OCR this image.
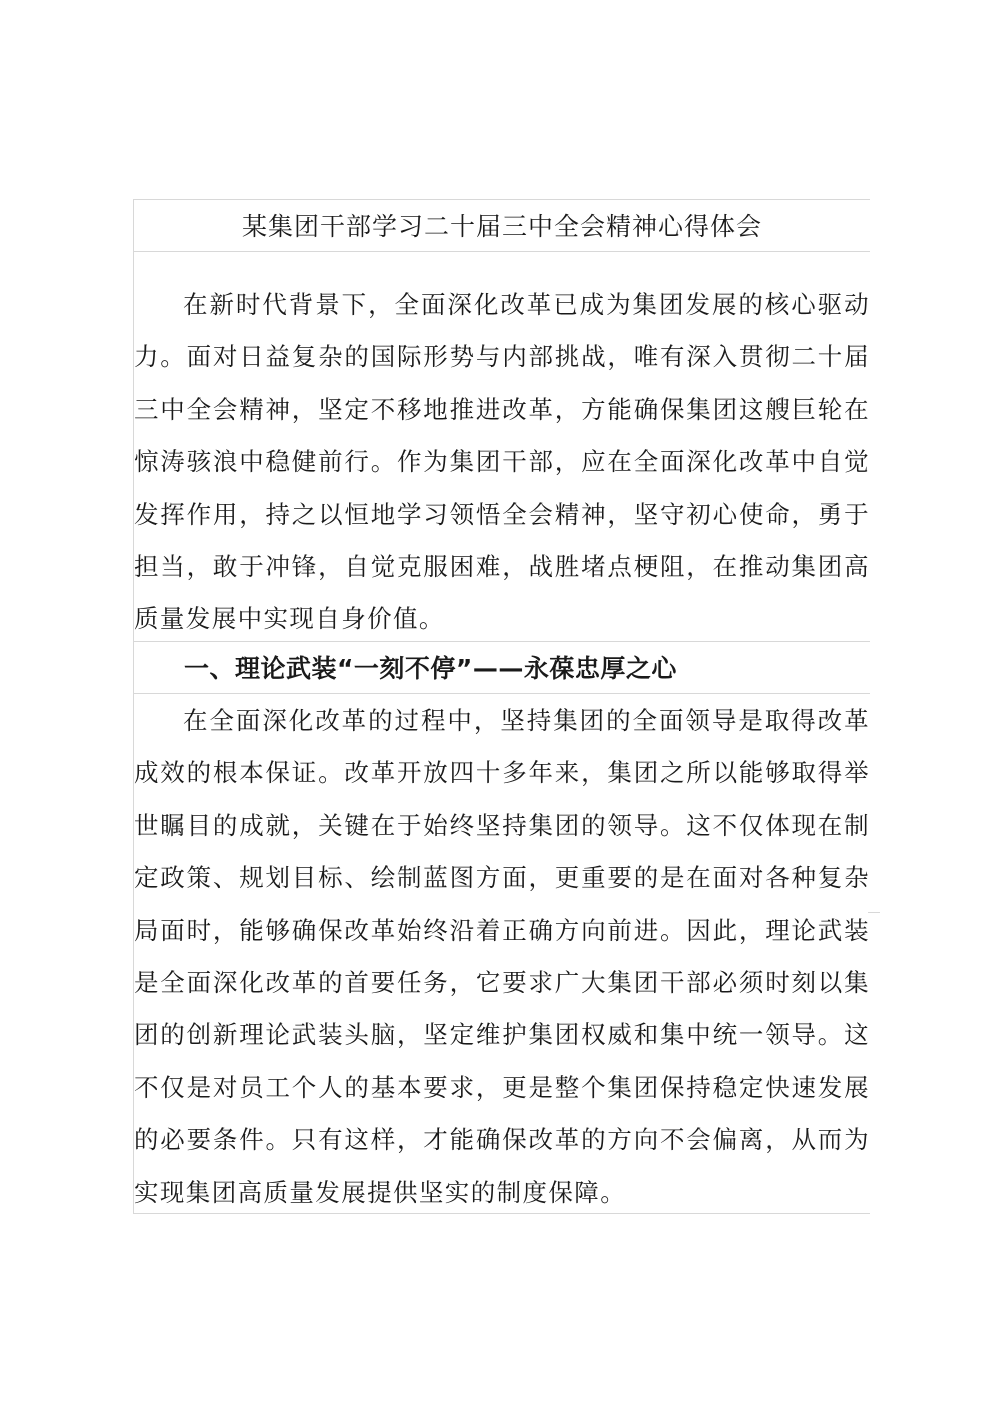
某集团干部学习二十届三中全会精神心得体会

在新时代背景下，全面深化改革已成为集团发展的核心驱动力。面对日益复杂的国际形势与内部挑战，唯有深入贯彻二十届三中全会精神，坚定不移地推进改革，方能确保集团这艘巨轮在惊涛骇浪中稳健前行。作为集团干部，应在全面深化改革中自觉发挥作用，持之以恒地学习领悟全会精神，坚守初心使命，勇于担当，敢于冲锋，自觉克服困难，战胜堵点梗阻，在推动集团高质量发展中实现自身价值。

一、理论武装“一刻不停”——永葆忠厚之心

在全面深化改革的过程中，坚持集团的全面领导是取得改革成效的根本保证。改革开放四十多年来，集团之所以能够取得举世瞩目的成就，关键在于始终坚持集团的领导。这不仅体现在制定政策、规划目标、绘制蓝图方面，更重要的是在面对各种复杂局面时，能够确保改革始终沿着正确方向前进。因此，理论武装是全面深化改革的首要任务，它要求广大集团干部必须时刻以集团的创新理论武装头脑，坚定维护集团权威和集中统一领导。这不仅是对员工个人的基本要求，更是整个集团保持稳定快速发展的必要条件。只有这样，才能确保改革的方向不会偏离，从而为实现集团高质量发展提供坚实的制度保障。
